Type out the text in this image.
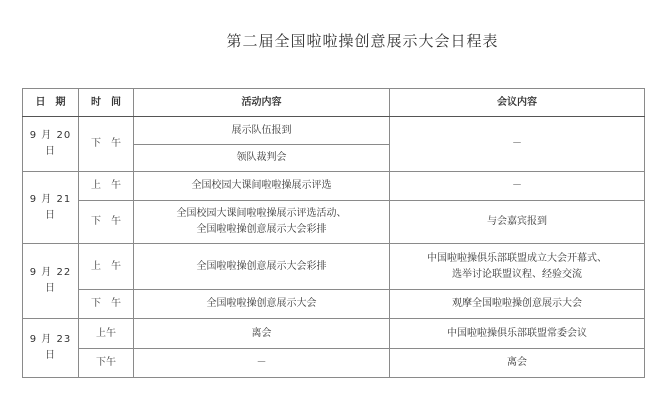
第二届全国啦啦操创意展示大会日程表
日　期	时　间	活动内容	会议内容
9 月 20 日	下　午	展示队伍报到	－
		领队裁判会	
9 月 21 日	上　午	全国校园大课间啦啦操展示评选	－
	下　午	全国校园大课间啦啦操展示评选活动、
全国啦啦操创意展示大会彩排	与会嘉宾报到
9 月 22 日	上　午	全国啦啦操创意展示大会彩排	中国啦啦操俱乐部联盟成立大会开幕式、
选举讨论联盟议程、经验交流

	下　午	全国啦啦操创意展示大会	观摩全国啦啦操创意展示大会
9 月 23 日	上午	离会	中国啦啦操俱乐部联盟常委会议
	下午	－	离会
